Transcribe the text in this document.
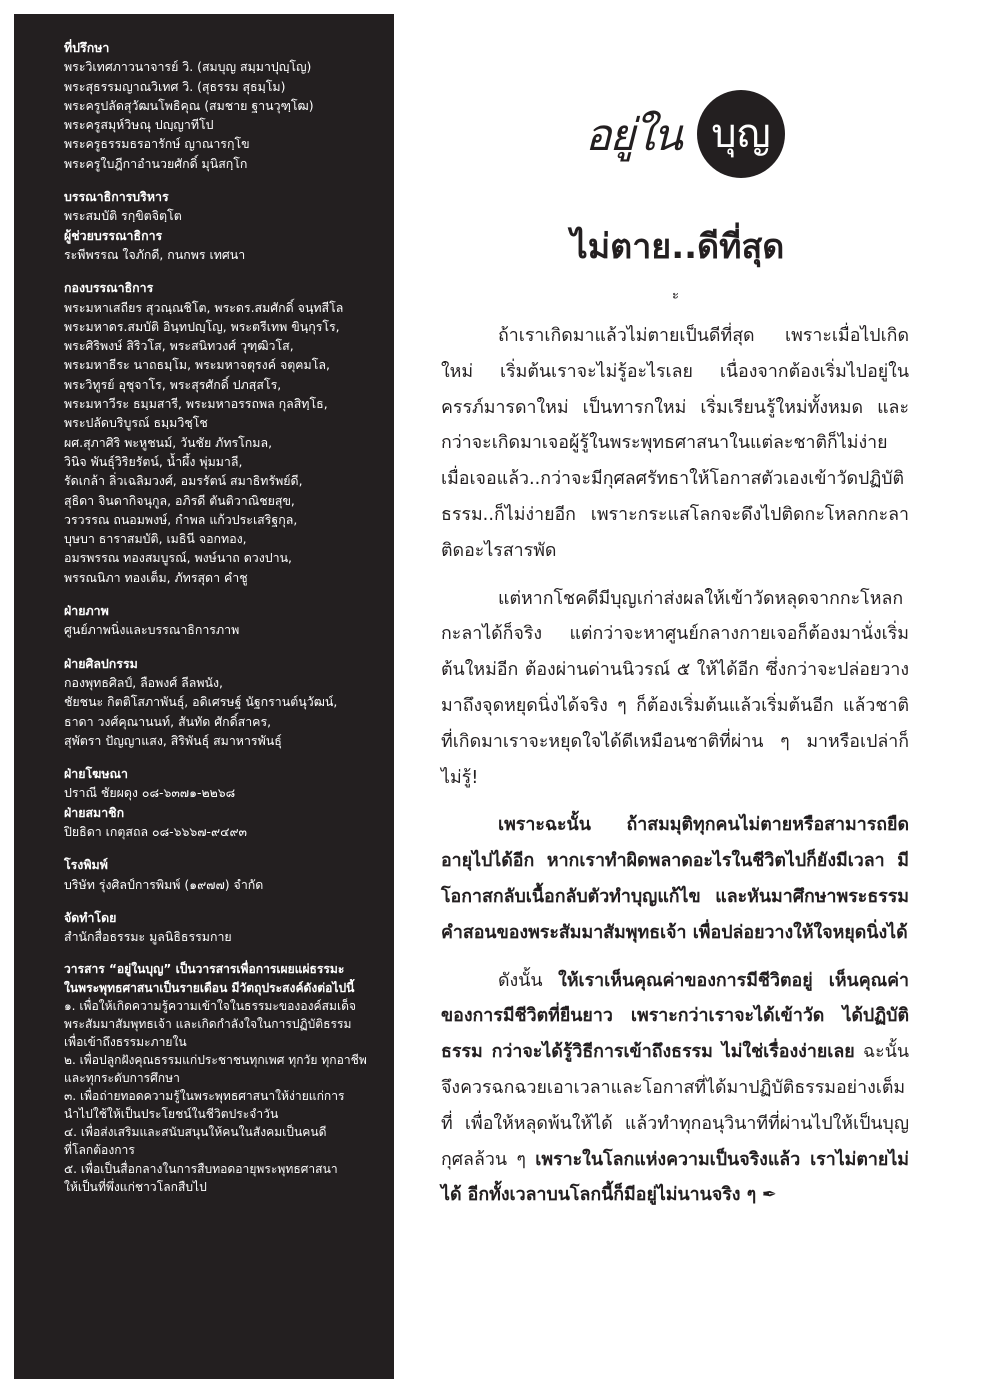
ที่ปรึกษา
พระวิเทศภาวนาจารย์ วิ. (สมบุญ สมฺมาปุญฺโญ)
พระสุธรรมญาณวิเทศ วิ. (สุธรรม สุธมฺโม)
พระครูปลัดสุวัฒนโพธิคุณ (สมชาย ฐานวุฑฺโฒ)
พระครูสมุห์วิษณุ ปญฺญาทีโป
พระครูธรรมธรอารักษ์ ญาณารกฺโข
พระครูใบฎีกาอำนวยศักดิ์ มุนิสกฺโก
บรรณาธิการบริหาร
พระสมบัติ รกฺขิตจิตฺโต
ผู้ช่วยบรรณาธิการ
ระพีพรรณ ใจภักดี, กนกพร เทศนา
กองบรรณาธิการ
พระมหาเสถียร สุวณฺณชิโต, พระดร.สมศักดิ์ จนฺทสีโล
พระมหาดร.สมบัติ อินฺทปญฺโญ, พระตรีเทพ ขินฺกุรโร,
พระศิริพงษ์ สิริวโส, พระสนิทวงศ์ วุฑฺฒิวโส,
พระมหาธีระ นาถธมฺโม, พระมหาจตุรงค์ จตุฅมโล,
พระวิทูรย์ อุชุจาโร, พระสุรศักดิ์ ปภสฺสโร,
พระมหาวีระ ธมฺมสารี, พระมหาอรรถพล กุลสิทฺโธ,
พระปลัดบริบูรณ์ ธมฺมวิชฺโช
ผศ.สุภาศิริ พะหูชนม์, วันชัย ภัทรโกมล,
วินิจ พันธุ์วิริยรัตน์, น้ำผึ้ง พุ่มมาลี,
รัดเกล้า ลิ่วเฉลิมวงศ์, อมรรัตน์ สมาธิทรัพย์ดี,
สุธิดา จินดากิจนุกูล, อภิรดี ตันติวาณิชยสุข,
วรวรรณ ถนอมพงษ์, กำพล แก้วประเสริฐกุล,
บุษบา ธาราสมบัติ, เมธินี จอกทอง,
อมรพรรณ ทองสมบูรณ์, พงษ์นาถ ดวงปาน,
พรรณนิภา ทองเต็ม, ภัทรสุดา คำชู
ฝ่ายภาพ
ศูนย์ภาพนิ่งและบรรณาธิการภาพ
ฝ่ายศิลปกรรม
กองพุทธศิลป์, ลือพงศ์ ลีลพนัง,
ชัยชนะ กิตติโสภาพันธุ์, อดิเศรษฐ์ นัฐกรานต์นุวัฒน์,
ธาดา วงศ์คุณานนท์, สันทัด ศักดิ์สาคร,
สุพัตรา ปัญญาแสง, สิริพันธุ์ สมาหารพันธุ์
ฝ่ายโฆษณา
ปราณี ชัยผดุง ๐๘-๖๓๗๑-๒๒๖๘
ฝ่ายสมาชิก
ปิยธิดา เกตุสถล ๐๘-๖๖๖๗-๙๔๙๓
โรงพิมพ์
บริษัท รุ่งศิลป์การพิมพ์ (๑๙๗๗) จำกัด
จัดทำโดย
สำนักสื่อธรรมะ มูลนิธิธรรมกาย
วารสาร “อยู่ในบุญ” เป็นวารสารเพื่อการเผยแผ่ธรรมะ
ในพระพุทธศาสนาเป็นรายเดือน มีวัตถุประสงค์ดังต่อไปนี้
๑. เพื่อให้เกิดความรู้ความเข้าใจในธรรมะขององค์สมเด็จ
พระสัมมาสัมพุทธเจ้า และเกิดกำลังใจในการปฏิบัติธรรม
เพื่อเข้าถึงธรรมะภายใน
๒. เพื่อปลูกฝังคุณธรรมแก่ประชาชนทุกเพศ ทุกวัย ทุกอาชีพ
และทุกระดับการศึกษา
๓. เพื่อถ่ายทอดความรู้ในพระพุทธศาสนาให้ง่ายแก่การ
นำไปใช้ให้เป็นประโยชน์ในชีวิตประจำวัน
๔. เพื่อส่งเสริมและสนับสนุนให้คนในสังคมเป็นคนดี
ที่โลกต้องการ
๕. เพื่อเป็นสื่อกลางในการสืบทอดอายุพระพุทธศาสนา
ให้เป็นที่พึ่งแก่ชาวโลกสืบไป
อยู่ใน บุญ
ไม่ตาย..ดีที่สุด
ะ

ถ้าเราเกิดมาแล้วไม่ตายเป็นดีที่สุด เพราะเมื่อไปเกิดใหม่ เริ่มต้นเราจะไม่รู้อะไรเลย เนื่องจากต้องเริ่มไปอยู่ในครรภ์มารดาใหม่ เป็นทารกใหม่ เริ่มเรียนรู้ใหม่ทั้งหมด และกว่าจะเกิดมาเจอผู้รู้ในพระพุทธศาสนาในแต่ละชาติก็ไม่ง่าย เมื่อเจอแล้ว..กว่าจะมีกุศลศรัทธาให้โอกาสตัวเองเข้าวัดปฏิบัติธรรม..ก็ไม่ง่ายอีก เพราะกระแสโลกจะดึงไปติดกะโหลกกะลา ติดอะไรสารพัด

แต่หากโชคดีมีบุญเก่าส่งผลให้เข้าวัดหลุดจากกะโหลกกะลาได้ก็จริง แต่กว่าจะหาศูนย์กลางกายเจอก็ต้องมานั่งเริ่มต้นใหม่อีก ต้องผ่านด่านนิวรณ์ ๕ ให้ได้อีก ซึ่งกว่าจะปล่อยวางมาถึงจุดหยุดนิ่งได้จริง ๆ ก็ต้องเริ่มต้นแล้วเริ่มต้นอีก แล้วชาติที่เกิดมาเราจะหยุดใจได้ดีเหมือนชาติที่ผ่าน ๆ มาหรือเปล่าก็ไม่รู้!

เพราะฉะนั้น ถ้าสมมุติทุกคนไม่ตายหรือสามารถยืดอายุไปได้อีก หากเราทำผิดพลาดอะไรในชีวิตไปก็ยังมีเวลา มีโอกาสกลับเนื้อกลับตัวทำบุญแก้ไข และหันมาศึกษาพระธรรมคำสอนของพระสัมมาสัมพุทธเจ้า เพื่อปล่อยวางให้ใจหยุดนิ่งได้

ดังนั้น ให้เราเห็นคุณค่าของการมีชีวิตอยู่ เห็นคุณค่าของการมีชีวิตที่ยืนยาว เพราะกว่าเราจะได้เข้าวัด ได้ปฏิบัติธรรม กว่าจะได้รู้วิธีการเข้าถึงธรรม ไม่ใช่เรื่องง่ายเลย ฉะนั้นจึงควรฉกฉวยเอาเวลาและโอกาสที่ได้มาปฏิบัติธรรมอย่างเต็มที่ เพื่อให้หลุดพ้นให้ได้ แล้วทำทุกอนุวินาทีที่ผ่านไปให้เป็นบุญกุศลล้วน ๆ เพราะในโลกแห่งความเป็นจริงแล้ว เราไม่ตายไม่ได้ อีกทั้งเวลาบนโลกนี้ก็มีอยู่ไม่นานจริง ๆ ✒
